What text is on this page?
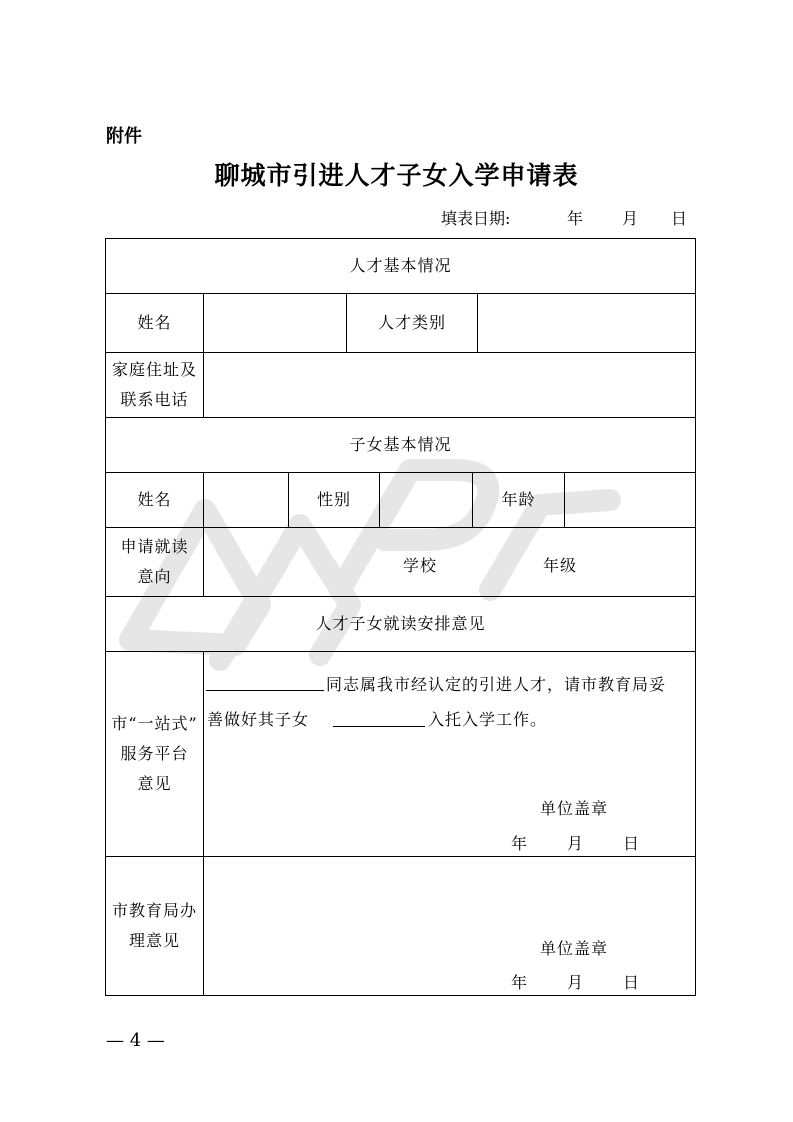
附件
聊城市引进人才子女入学申请表
填表日期:	年 月 日
人才基本情况
姓名	人才类别
家庭住址及
联系电话
子女基本情况
姓名	性别	年龄
申请就读
意向
学校	年级
人才子女就读安排意见
市“一站式”
服务平台
意见
同志属我市经认定的引进人才，请市教育局妥
善做好其子女	入托入学工作。
单位盖章
年 月 日
市教育局办
理意见	单位盖章
年 月 日
— 4 —
